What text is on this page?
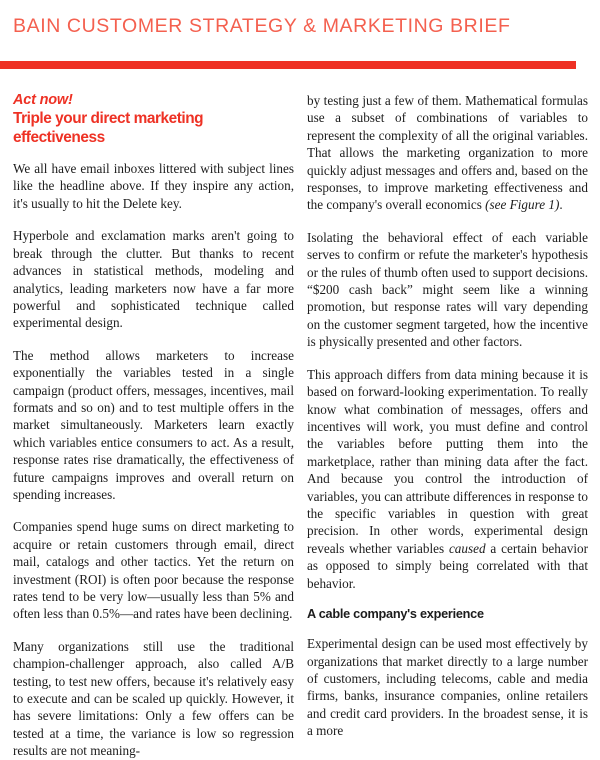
BAIN CUSTOMER STRATEGY & MARKETING BRIEF
Act now!
Triple your direct marketing effectiveness

We all have email inboxes littered with subject lines like the headline above. If they inspire any action, it's usually to hit the Delete key.

Hyperbole and exclamation marks aren't going to break through the clutter. But thanks to recent advances in statistical methods, modeling and analytics, leading marketers now have a far more powerful and sophisticated technique called experimental design.

The method allows marketers to increase exponentially the variables tested in a single campaign (product offers, messages, incentives, mail formats and so on) and to test multiple offers in the market simultaneously. Marketers learn exactly which variables entice consumers to act. As a result, response rates rise dramatically, the effectiveness of future campaigns improves and overall return on spending increases.

Companies spend huge sums on direct marketing to acquire or retain customers through email, direct mail, catalogs and other tactics. Yet the return on investment (ROI) is often poor because the response rates tend to be very low—usually less than 5% and often less than 0.5%—and rates have been declining.

Many organizations still use the traditional champion-challenger approach, also called A/B testing, to test new offers, because it's relatively easy to execute and can be scaled up quickly. However, it has severe limitations: Only a few offers can be tested at a time, the variance is low so regression results are not meaning-

by testing just a few of them. Mathematical formulas use a subset of combinations of variables to represent the complexity of all the original variables. That allows the marketing organization to more quickly adjust messages and offers and, based on the responses, to improve marketing effectiveness and the company's overall economics (see Figure 1).

Isolating the behavioral effect of each variable serves to confirm or refute the marketer's hypothesis or the rules of thumb often used to support decisions. “$200 cash back” might seem like a winning promotion, but response rates will vary depending on the customer segment targeted, how the incentive is physically presented and other factors.

This approach differs from data mining because it is based on forward-looking experimentation. To really know what combination of messages, offers and incentives will work, you must define and control the variables before putting them into the marketplace, rather than mining data after the fact. And because you control the introduction of variables, you can attribute differences in response to the specific variables in question with great precision. In other words, experimental design reveals whether variables caused a certain behavior as opposed to simply being correlated with that behavior.

A cable company's experience

Experimental design can be used most effectively by organizations that market directly to a large number of customers, including telecoms, cable and media firms, banks, insurance companies, online retailers and credit card providers. In the broadest sense, it is a more
